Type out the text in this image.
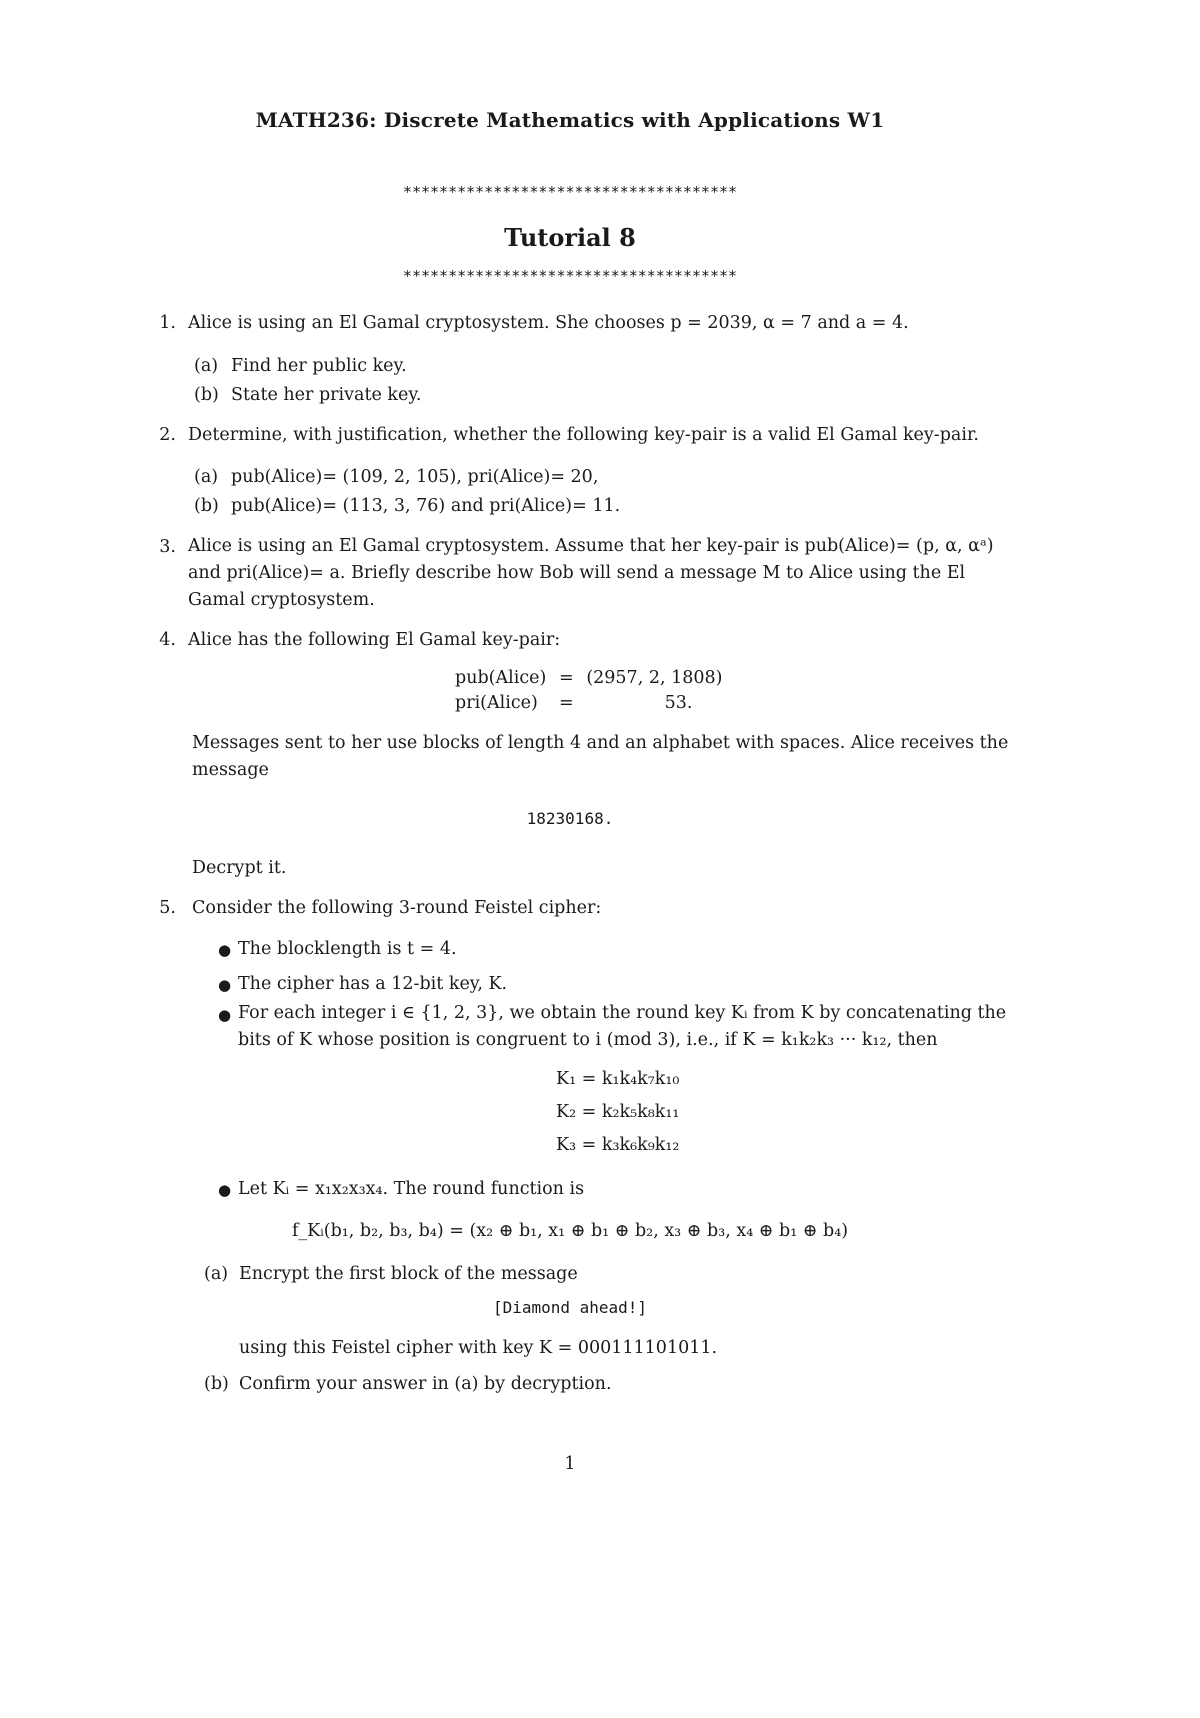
MATH236: Discrete Mathematics with Applications W1
*************************************
Tutorial 8
*************************************
1. Alice is using an El Gamal cryptosystem. She chooses p = 2039, α = 7 and a = 4.
(a) Find her public key.
(b) State her private key.
2. Determine, with justification, whether the following key-pair is a valid El Gamal key-pair.
(a) pub(Alice)= (109, 2, 105), pri(Alice)= 20,
(b) pub(Alice)= (113, 3, 76) and pri(Alice)= 11.
3. Alice is using an El Gamal cryptosystem. Assume that her key-pair is pub(Alice)= (p, α, αᵃ) and pri(Alice)= a. Briefly describe how Bob will send a message M to Alice using the El Gamal cryptosystem.
4. Alice has the following El Gamal key-pair:
pub(Alice) = (2957, 2, 1808)
pri(Alice)	=	53.
Messages sent to her use blocks of length 4 and an alphabet with spaces. Alice receives the message
18230168.
Decrypt it.
5. Consider the following 3-round Feistel cipher:
● The blocklength is t = 4.
● The cipher has a 12-bit key, K.
● For each integer i ∈ {1, 2, 3}, we obtain the round key Kᵢ from K by concatenating the bits of K whose position is congruent to i (mod 3), i.e., if K = k₁k₂k₃ ··· k₁₂, then
K₁ = k₁k₄k₇k₁₀
K₂ = k₂k₅k₈k₁₁
K₃ = k₃k₆k₉k₁₂
● Let Kᵢ = x₁x₂x₃x₄. The round function is
f_Kᵢ(b₁, b₂, b₃, b₄) = (x₂ ⊕ b₁, x₁ ⊕ b₁ ⊕ b₂, x₃ ⊕ b₃, x₄ ⊕ b₁ ⊕ b₄)
(a) Encrypt the first block of the message
[Diamond ahead!]
using this Feistel cipher with key K = 000111101011.
(b) Confirm your answer in (a) by decryption.
1
